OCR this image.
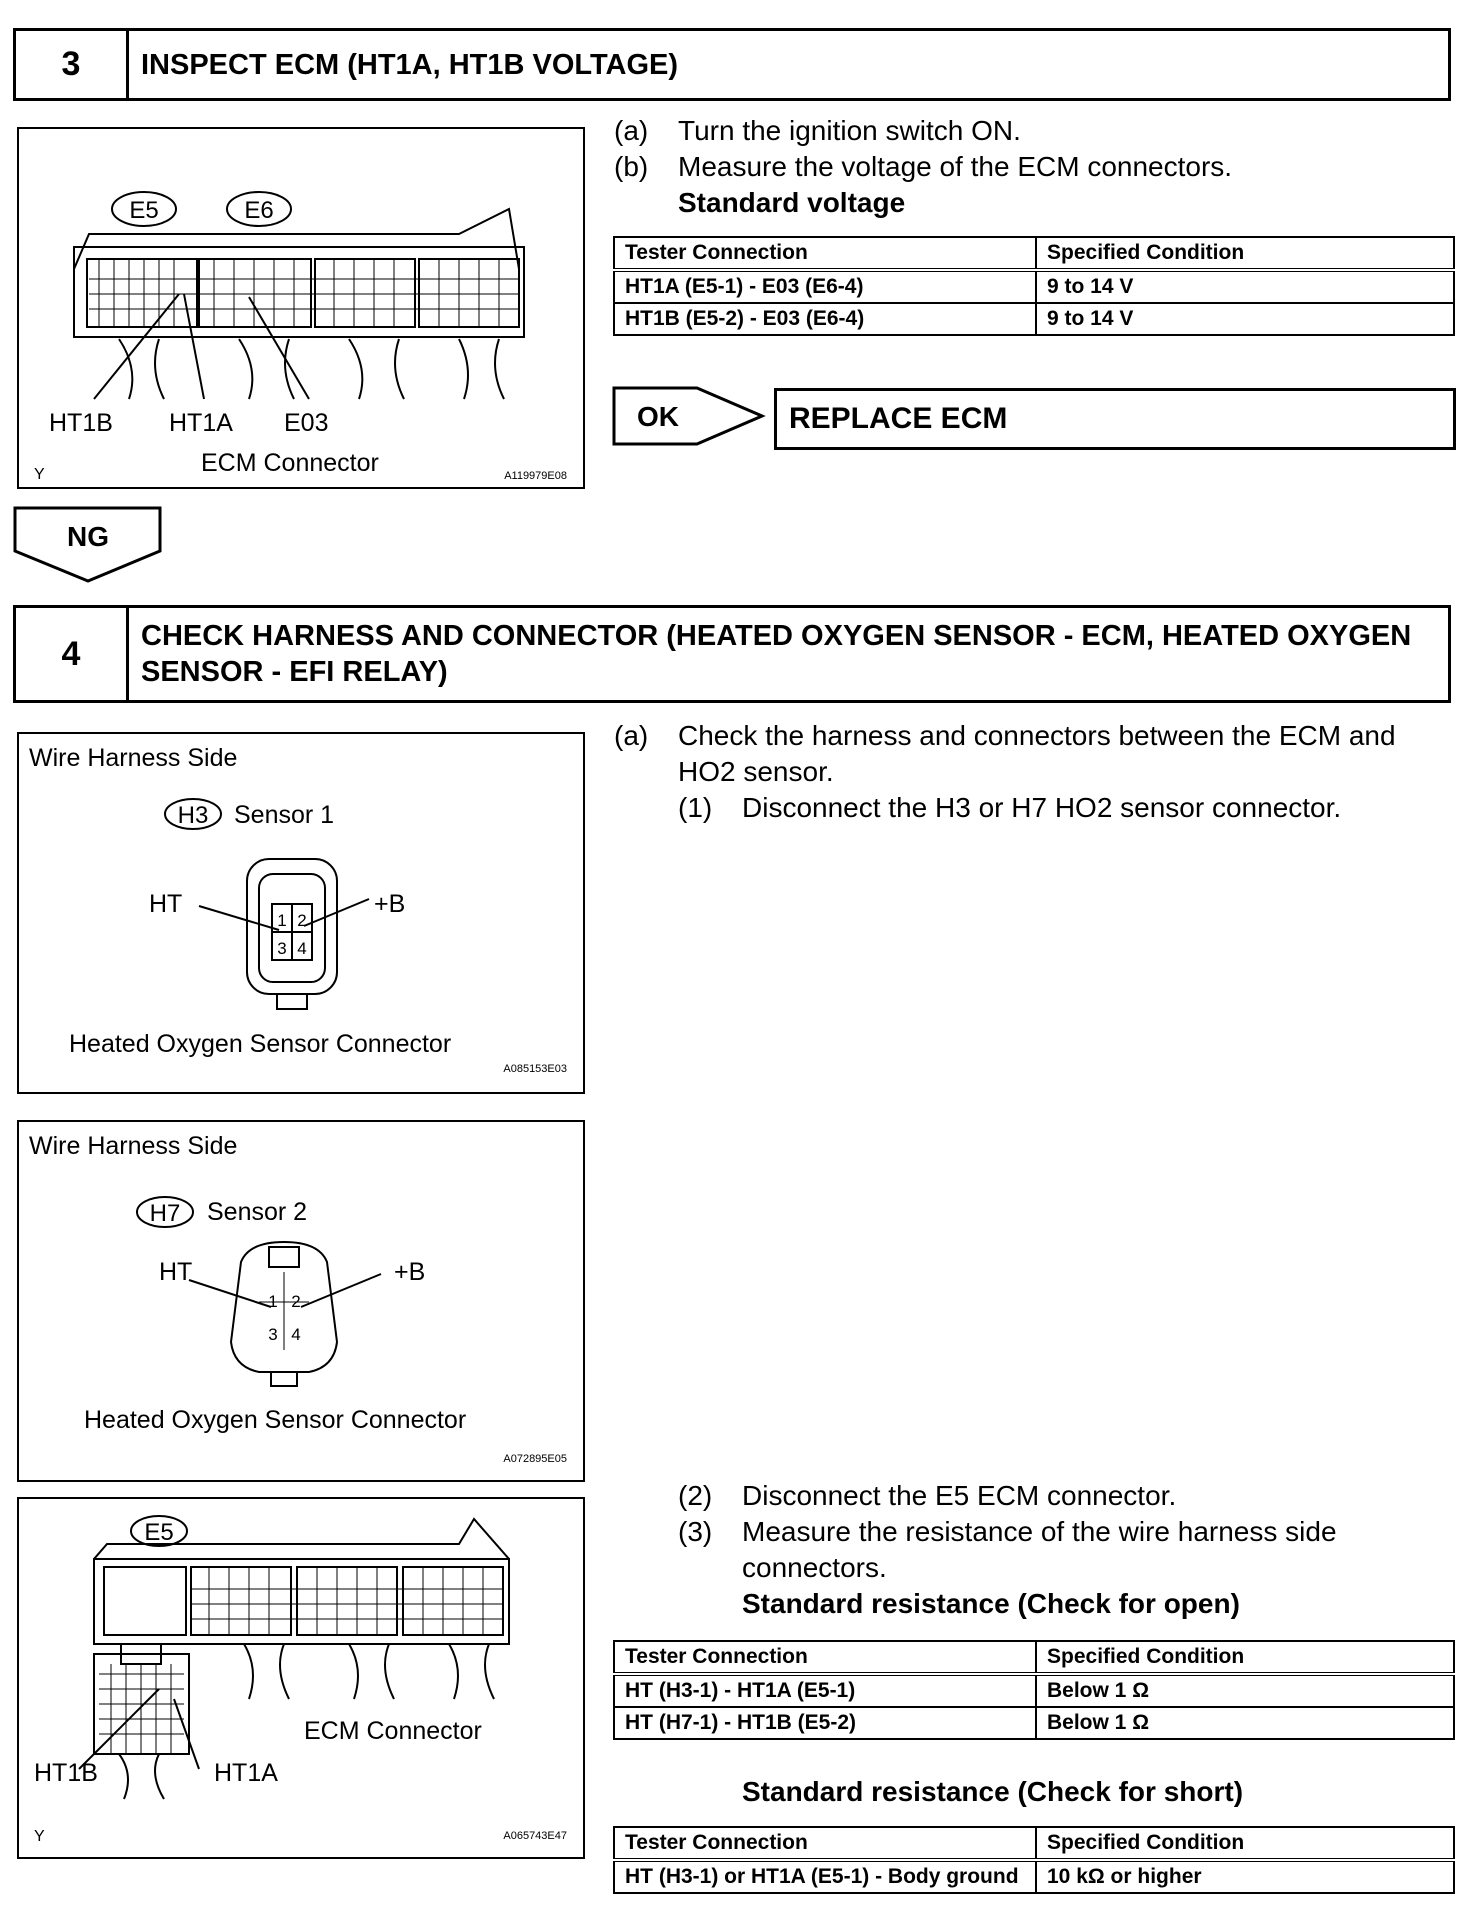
3	INSPECT ECM (HT1A, HT1B VOLTAGE)
E5	E6
HT1B HT1A E03
ECM Connector
Y	A119979E08
(a)	Turn the ignition switch ON.
(b)	Measure the voltage of the ECM connectors.
Standard voltage
Tester Connection	Specified Condition
HT1A (E5-1) - E03 (E6-4)	9 to 14 V
HT1B (E5-2) - E03 (E6-4)	9 to 14 V
OK	REPLACE ECM
NG
4	CHECK HARNESS AND CONNECTOR (HEATED OXYGEN SENSOR - ECM, HEATED OXYGEN SENSOR - EFI RELAY)
Wire Harness Side
H3 Sensor 1
1 2
3 4
HT	+B
Heated Oxygen Sensor Connector
A085153E03
Wire Harness Side
H7 Sensor 2
1 2
3 4
HT	+B
Heated Oxygen Sensor Connector
A072895E05
E5
ECM Connector
HT1B	HT1A
Y	A065743E47
(a)	Check the harness and connectors between the ECM and HO2 sensor.
(1)	Disconnect the H3 or H7 HO2 sensor connector.
(2)	Disconnect the E5 ECM connector.
(3)	Measure the resistance of the wire harness side connectors.
Standard resistance (Check for open)
Tester Connection	Specified Condition
HT (H3-1) - HT1A (E5-1)	Below 1 Ω
HT (H7-1) - HT1B (E5-2)	Below 1 Ω
Standard resistance (Check for short)
Tester Connection	Specified Condition
HT (H3-1) or HT1A (E5-1) - Body ground	10 kΩ or higher
